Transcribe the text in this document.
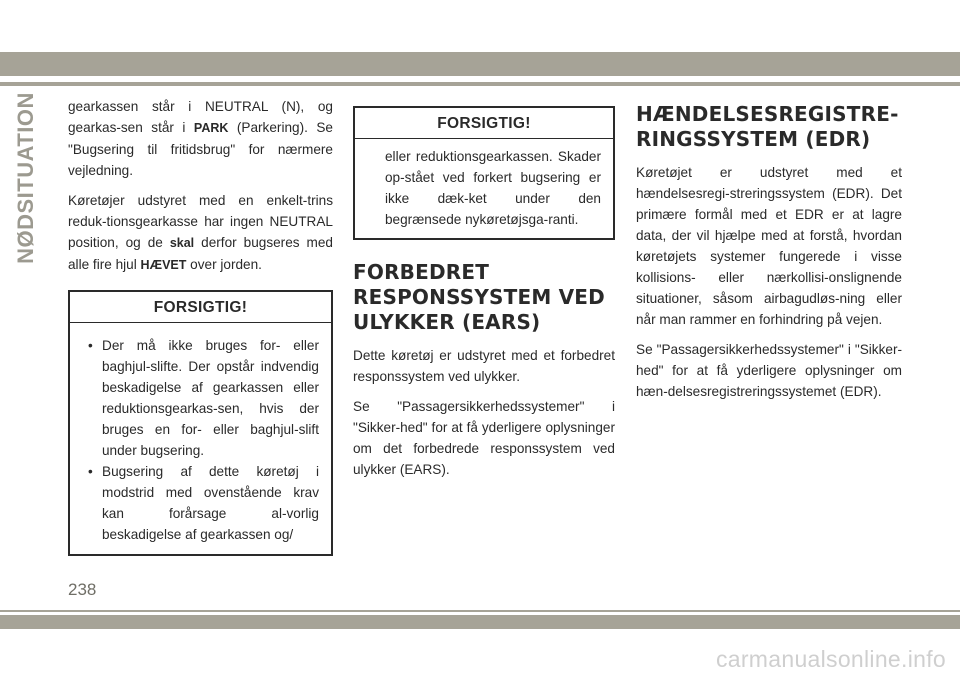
NØDSITUATION gearkassen står i NEUTRAL (N), og gearkas-sen står i PARK (Parkering). Se "Bugsering til fritidsbrug" for nærmere vejledning.

Køretøjer udstyret med en enkelt-trins reduk-tionsgearkasse har ingen NEUTRAL position, og de skal derfor bugseres med alle fire hjul HÆVET over jorden.

FORSIGTIG!
• Der må ikke bruges for- eller baghjul-slifte. Der opstår indvendig beskadigelse af gearkassen eller reduktionsgearkas-sen, hvis der bruges en for- eller baghjul-slift under bugsering.
• Bugsering af dette køretøj i modstrid med ovenstående krav kan forårsage al-vorlig beskadigelse af gearkassen og/
FORSIGTIG!

eller reduktionsgearkassen. Skader op-stået ved forkert bugsering er ikke dæk-ket under den begrænsede nykøretøjsga-ranti.

FORBEDRET RESPONSSYSTEM VED ULYKKER (EARS)

Dette køretøj er udstyret med et forbedret responssystem ved ulykker.

Se "Passagersikkerhedssystemer" i "Sikker-hed" for at få yderligere oplysninger om det forbedrede responssystem ved ulykker (EARS).

HÆNDELSESREGISTRE-RINGSSYSTEM (EDR)

Køretøjet er udstyret med et hændelsesregi-streringssystem (EDR). Det primære formål med et EDR er at lagre data, der vil hjælpe med at forstå, hvordan køretøjets systemer fungerede i visse kollisions- eller nærkollisi-onslignende situationer, såsom airbagudløs-ning eller når man rammer en forhindring på vejen.

Se "Passagersikkerhedssystemer" i "Sikker-hed" for at få yderligere oplysninger om hæn-delsesregistreringssystemet (EDR).

238
carmanualsonline.info
